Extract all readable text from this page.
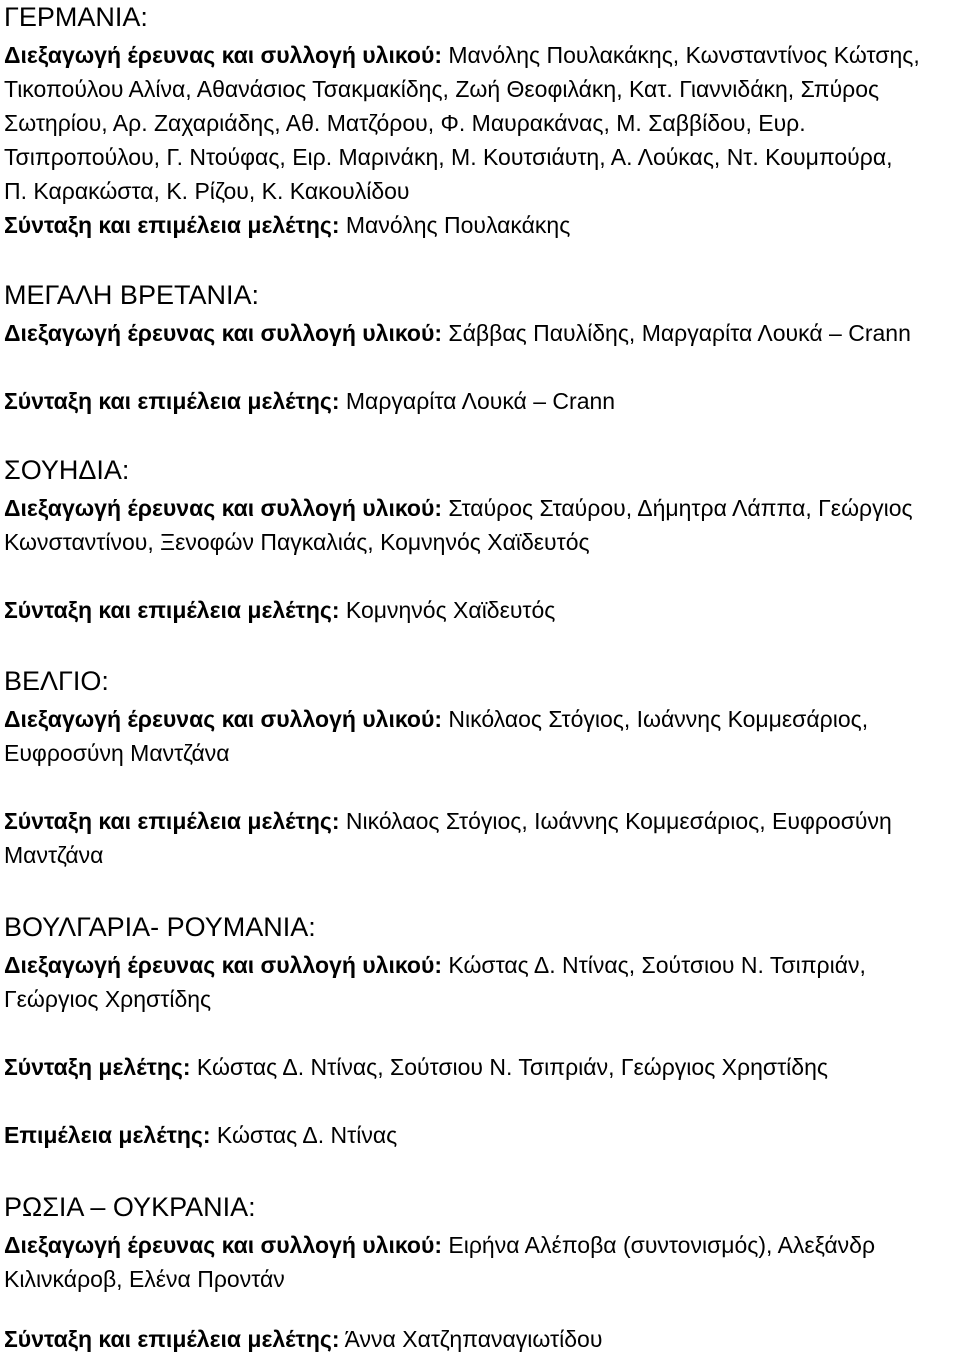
ΓΕΡΜΑΝΙΑ:
Διεξαγωγή έρευνας και συλλογή υλικού: Μανόλης Πουλακάκης, Κωνσταντίνος Κώτσης,
Τικοπούλου Αλίνα, Αθανάσιος Τσακμακίδης, Ζωή Θεοφιλάκη, Κατ. Γιαννιδάκη, Σπύρος
Σωτηρίου, Αρ. Ζαχαριάδης, Αθ. Ματζόρου, Φ. Μαυρακάνας, Μ. Σαββίδου, Ευρ.
Τσιπροπούλου, Γ. Ντούφας, Ειρ. Μαρινάκη, Μ. Κουτσιάυτη, Α. Λούκας, Ντ. Κουμπούρα,
Π. Καρακώστα, Κ. Ρίζου, Κ. Κακουλίδου
Σύνταξη και επιμέλεια μελέτης: Μανόλης Πουλακάκης
ΜΕΓΑΛΗ ΒΡΕΤΑΝΙΑ:
Διεξαγωγή έρευνας και συλλογή υλικού: Σάββας Παυλίδης, Μαργαρίτα Λουκά – Crann
Σύνταξη και επιμέλεια μελέτης: Μαργαρίτα Λουκά – Crann
ΣΟΥΗΔΙΑ:
Διεξαγωγή έρευνας και συλλογή υλικού: Σταύρος Σταύρου, Δήμητρα Λάππα, Γεώργιος
Κωνσταντίνου, Ξενοφών Παγκαλιάς, Κομνηνός Χαϊδευτός
Σύνταξη και επιμέλεια μελέτης: Κομνηνός Χαϊδευτός
ΒΕΛΓΙΟ:
Διεξαγωγή έρευνας και συλλογή υλικού: Νικόλαος Στόγιος, Ιωάννης Κομμεσάριος,
Ευφροσύνη Μαντζάνα
Σύνταξη και επιμέλεια μελέτης: Νικόλαος Στόγιος, Ιωάννης Κομμεσάριος, Ευφροσύνη
Μαντζάνα
ΒΟΥΛΓΑΡΙΑ- ΡΟΥΜΑΝΙΑ:
Διεξαγωγή έρευνας και συλλογή υλικού: Κώστας Δ. Ντίνας, Σούτσιου Ν. Τσιπριάν,
Γεώργιος Χρηστίδης
Σύνταξη μελέτης: Κώστας Δ. Ντίνας, Σούτσιου Ν. Τσιπριάν, Γεώργιος Χρηστίδης
Επιμέλεια μελέτης: Κώστας Δ. Ντίνας
ΡΩΣΙΑ – ΟΥΚΡΑΝΙΑ:
Διεξαγωγή έρευνας και συλλογή υλικού: Ειρήνα Αλέποβα (συντονισμός), Αλεξάνδρ
Κιλινκάροβ, Ελένα Προντάν
Σύνταξη και επιμέλεια μελέτης: Άννα Χατζηπαναγιωτίδου
